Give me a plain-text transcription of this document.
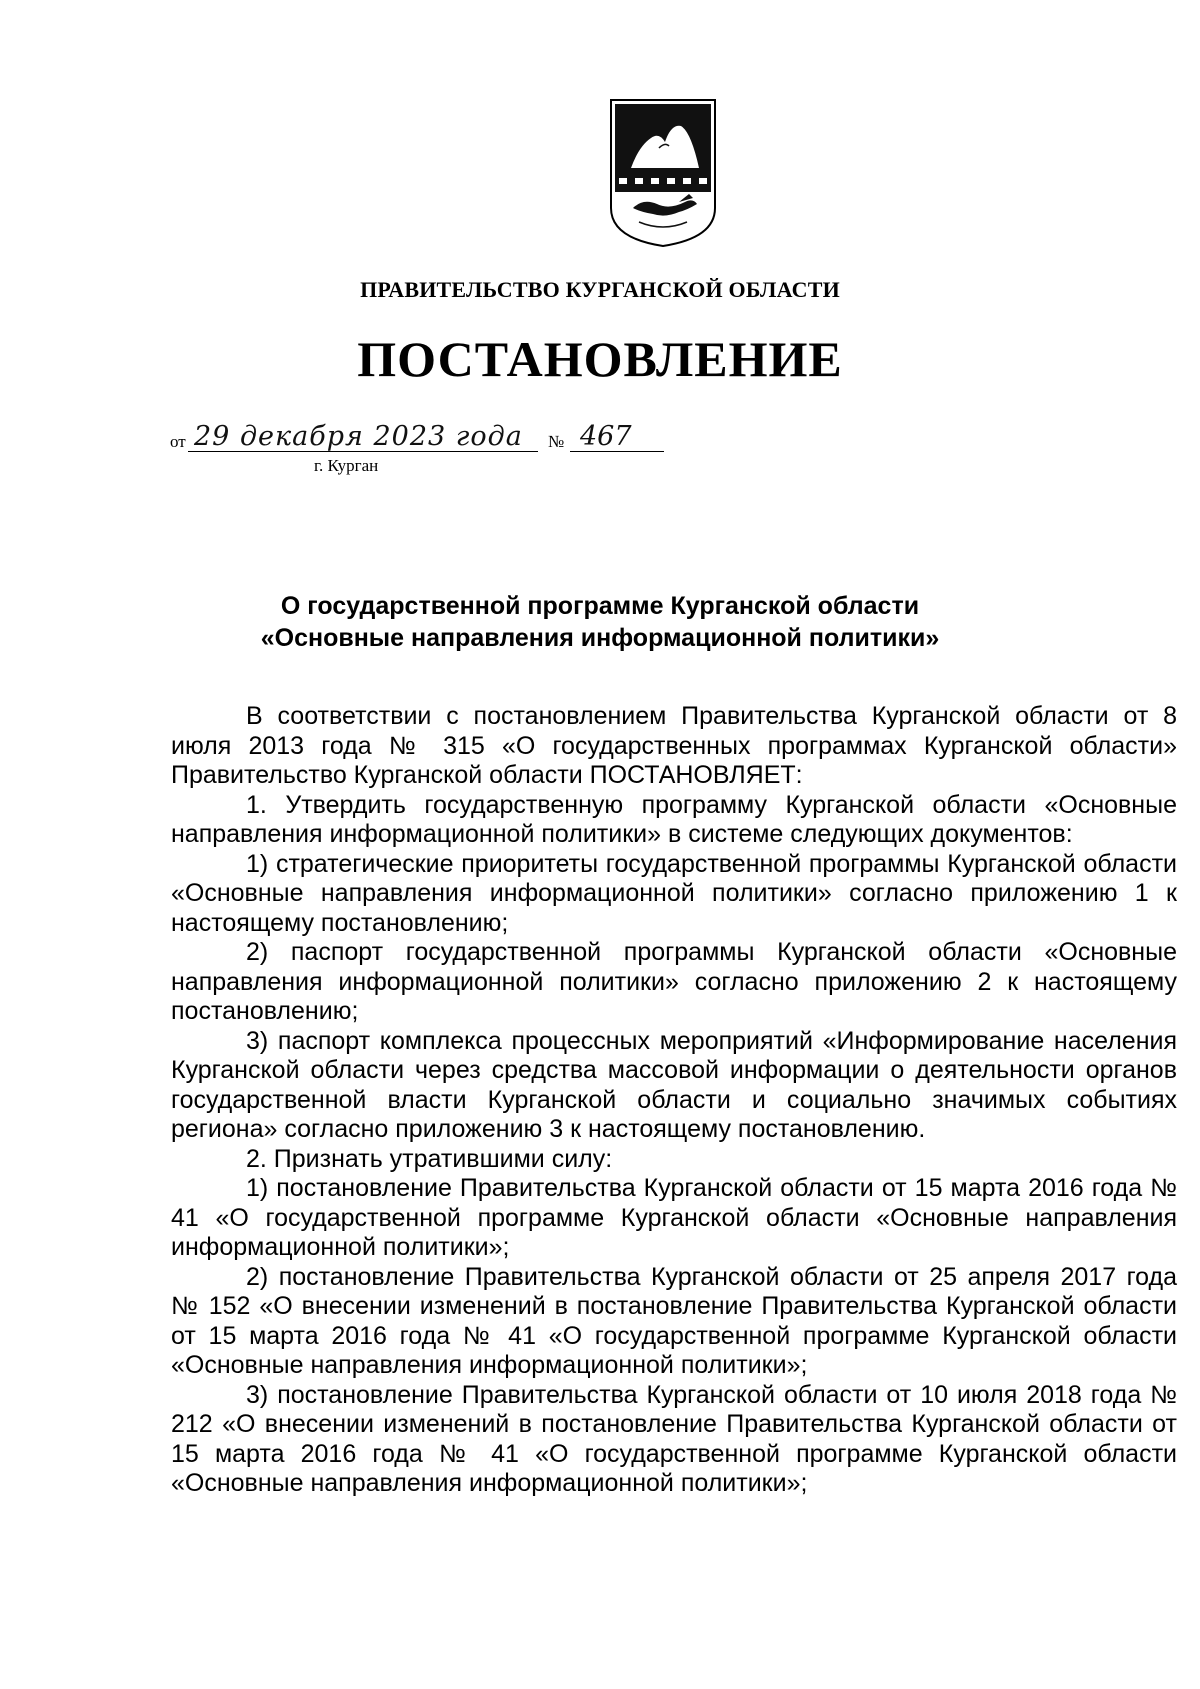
ПРАВИТЕЛЬСТВО КУРГАНСКОЙ ОБЛАСТИ
ПОСТАНОВЛЕНИЕ
от 29 декабря 2023 года № 467
г. Курган
О государственной программе Курганской области
«Основные направления информационной политики»

В соответствии с постановлением Правительства Курганской области от 8 июля 2013 года № 315 «О государственных программах Курганской области» Правительство Курганской области ПОСТАНОВЛЯЕТ:

1. Утвердить государственную программу Курганской области «Основные направления информационной политики» в системе следующих документов:

1) стратегические приоритеты государственной программы Курганской области «Основные направления информационной политики» согласно приложению 1 к настоящему постановлению;

2) паспорт государственной программы Курганской области «Основные направления информационной политики» согласно приложению 2 к настоящему постановлению;

3) паспорт комплекса процессных мероприятий «Информирование населения Курганской области через средства массовой информации о деятельности органов государственной власти Курганской области и социально значимых событиях региона» согласно приложению 3 к настоящему постановлению.

2. Признать утратившими силу:

1) постановление Правительства Курганской области от 15 марта 2016 года № 41 «О государственной программе Курганской области «Основные направления информационной политики»;

2) постановление Правительства Курганской области от 25 апреля 2017 года № 152 «О внесении изменений в постановление Правительства Курганской области от 15 марта 2016 года № 41 «О государственной программе Курганской области «Основные направления информационной политики»;

3) постановление Правительства Курганской области от 10 июля 2018 года № 212 «О внесении изменений в постановление Правительства Курганской области от 15 марта 2016 года № 41 «О государственной программе Курганской области «Основные направления информационной политики»;
